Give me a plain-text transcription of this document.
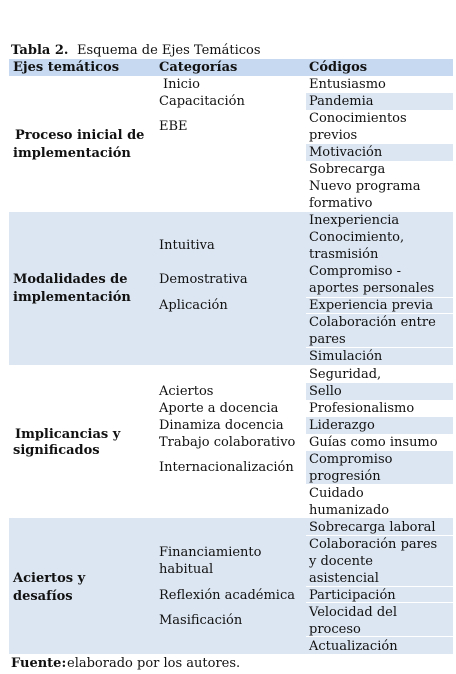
Tabla 2. Esquema de Ejes Temáticos
Ejes temáticos	Categorías	Códigos
Proceso inicial de
implementación
Inicio
Capacitación
EBE
Entusiasmo
Pandemia
Conocimientos
previos
Motivación
Sobrecarga
Nuevo programa
formativo
Modalidades de
implementación
Intuitiva
Demostrativa
Aplicación
Inexperiencia
Conocimiento,
trasmisión
Compromiso -
aportes personales
Experiencia previa
Colaboración entre
pares
Simulación
Implicancias y
significados
Aciertos
Aporte a docencia
Dinamiza docencia
Trabajo colaborativo
Internacionalización
Seguridad,
Sello
Profesionalismo
Liderazgo
Guías como insumo
Compromiso
progresión
Cuidado
humanizado
Aciertos y
desafíos
Financiamiento
habitual
Reflexión académica
Masificación
Sobrecarga laboral
Colaboración pares
y docente
asistencial
Participación
Velocidad del
proceso
Actualización
Fuente: elaborado por los autores.
